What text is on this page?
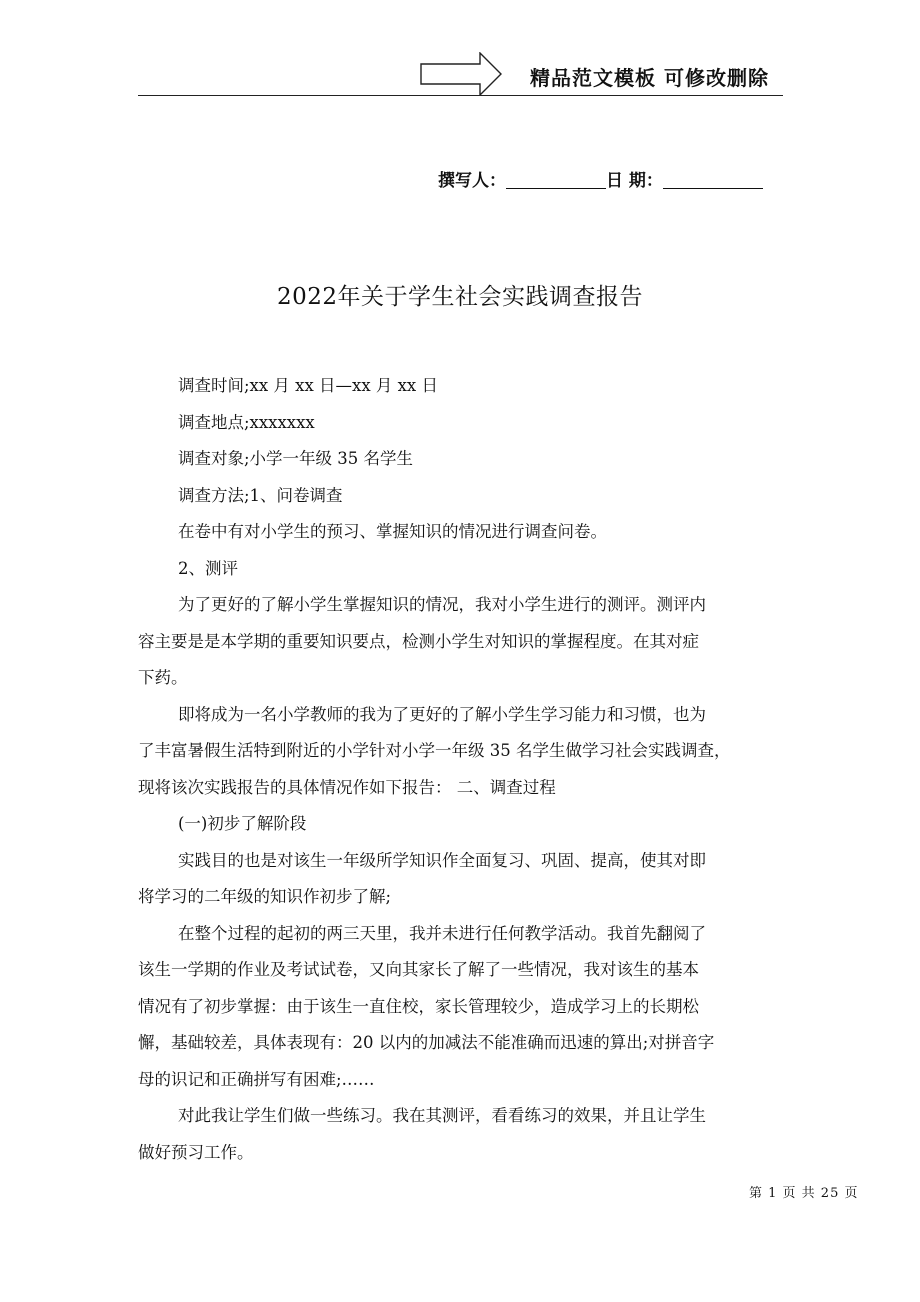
精品范文模板 可修改删除
撰写人：	日 期：
2022年关于学生社会实践调查报告
调查时间;xx 月 xx 日—xx 月 xx 日
调查地点;xxxxxxx
调查对象;小学一年级 35 名学生
调查方法;1、问卷调查
在卷中有对小学生的预习、掌握知识的情况进行调查问卷。
2、测评
为了更好的了解小学生掌握知识的情况，我对小学生进行的测评。测评内
容主要是是本学期的重要知识要点，检测小学生对知识的掌握程度。在其对症
下药。
即将成为一名小学教师的我为了更好的了解小学生学习能力和习惯，也为
了丰富暑假生活特到附近的小学针对小学一年级 35 名学生做学习社会实践调查，
现将该次实践报告的具体情况作如下报告： 二、调查过程
(一)初步了解阶段
实践目的也是对该生一年级所学知识作全面复习、巩固、提高，使其对即
将学习的二年级的知识作初步了解;
在整个过程的起初的两三天里，我并未进行任何教学活动。我首先翻阅了
该生一学期的作业及考试试卷，又向其家长了解了一些情况，我对该生的基本
情况有了初步掌握：由于该生一直住校，家长管理较少，造成学习上的长期松
懈，基础较差，具体表现有：20 以内的加减法不能准确而迅速的算出;对拼音字
母的识记和正确拼写有困难;……
对此我让学生们做一些练习。我在其测评，看看练习的效果，并且让学生
做好预习工作。
第 1 页 共 25 页
